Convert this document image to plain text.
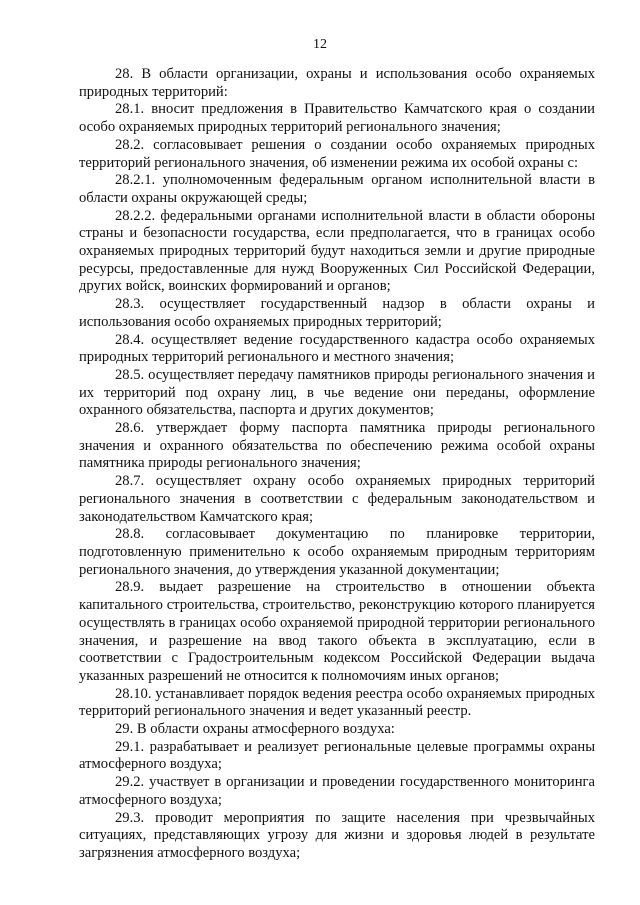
12

28. В области организации, охраны и использования особо охраняемых природных территорий:

28.1. вносит предложения в Правительство Камчатского края о создании особо охраняемых природных территорий регионального значения;

28.2. согласовывает решения о создании особо охраняемых природных территорий регионального значения, об изменении режима их особой охраны с:

28.2.1. уполномоченным федеральным органом исполнительной власти в области охраны окружающей среды;

28.2.2. федеральными органами исполнительной власти в области обороны страны и безопасности государства, если предполагается, что в границах особо охраняемых природных территорий будут находиться земли и другие природные ресурсы, предоставленные для нужд Вооруженных Сил Российской Федерации, других войск, воинских формирований и органов;

28.3. осуществляет государственный надзор в области охраны и использования особо охраняемых природных территорий;

28.4. осуществляет ведение государственного кадастра особо охраняемых природных территорий регионального и местного значения;

28.5. осуществляет передачу памятников природы регионального значения и их территорий под охрану лиц, в чье ведение они переданы, оформление охранного обязательства, паспорта и других документов;

28.6. утверждает форму паспорта памятника природы регионального значения и охранного обязательства по обеспечению режима особой охраны памятника природы регионального значения;

28.7. осуществляет охрану особо охраняемых природных территорий регионального значения в соответствии с федеральным законодательством и законодательством Камчатского края;

28.8. согласовывает документацию по планировке территории, подготовленную применительно к особо охраняемым природным территориям регионального значения, до утверждения указанной документации;

28.9. выдает разрешение на строительство в отношении объекта капитального строительства, строительство, реконструкцию которого планируется осуществлять в границах особо охраняемой природной территории регионального значения, и разрешение на ввод такого объекта в эксплуатацию, если в соответствии с Градостроительным кодексом Российской Федерации выдача указанных разрешений не относится к полномочиям иных органов;

28.10. устанавливает порядок ведения реестра особо охраняемых природных территорий регионального значения и ведет указанный реестр.

29. В области охраны атмосферного воздуха:

29.1. разрабатывает и реализует региональные целевые программы охраны атмосферного воздуха;

29.2. участвует в организации и проведении государственного мониторинга атмосферного воздуха;

29.3. проводит мероприятия по защите населения при чрезвычайных ситуациях, представляющих угрозу для жизни и здоровья людей в результате загрязнения атмосферного воздуха;
